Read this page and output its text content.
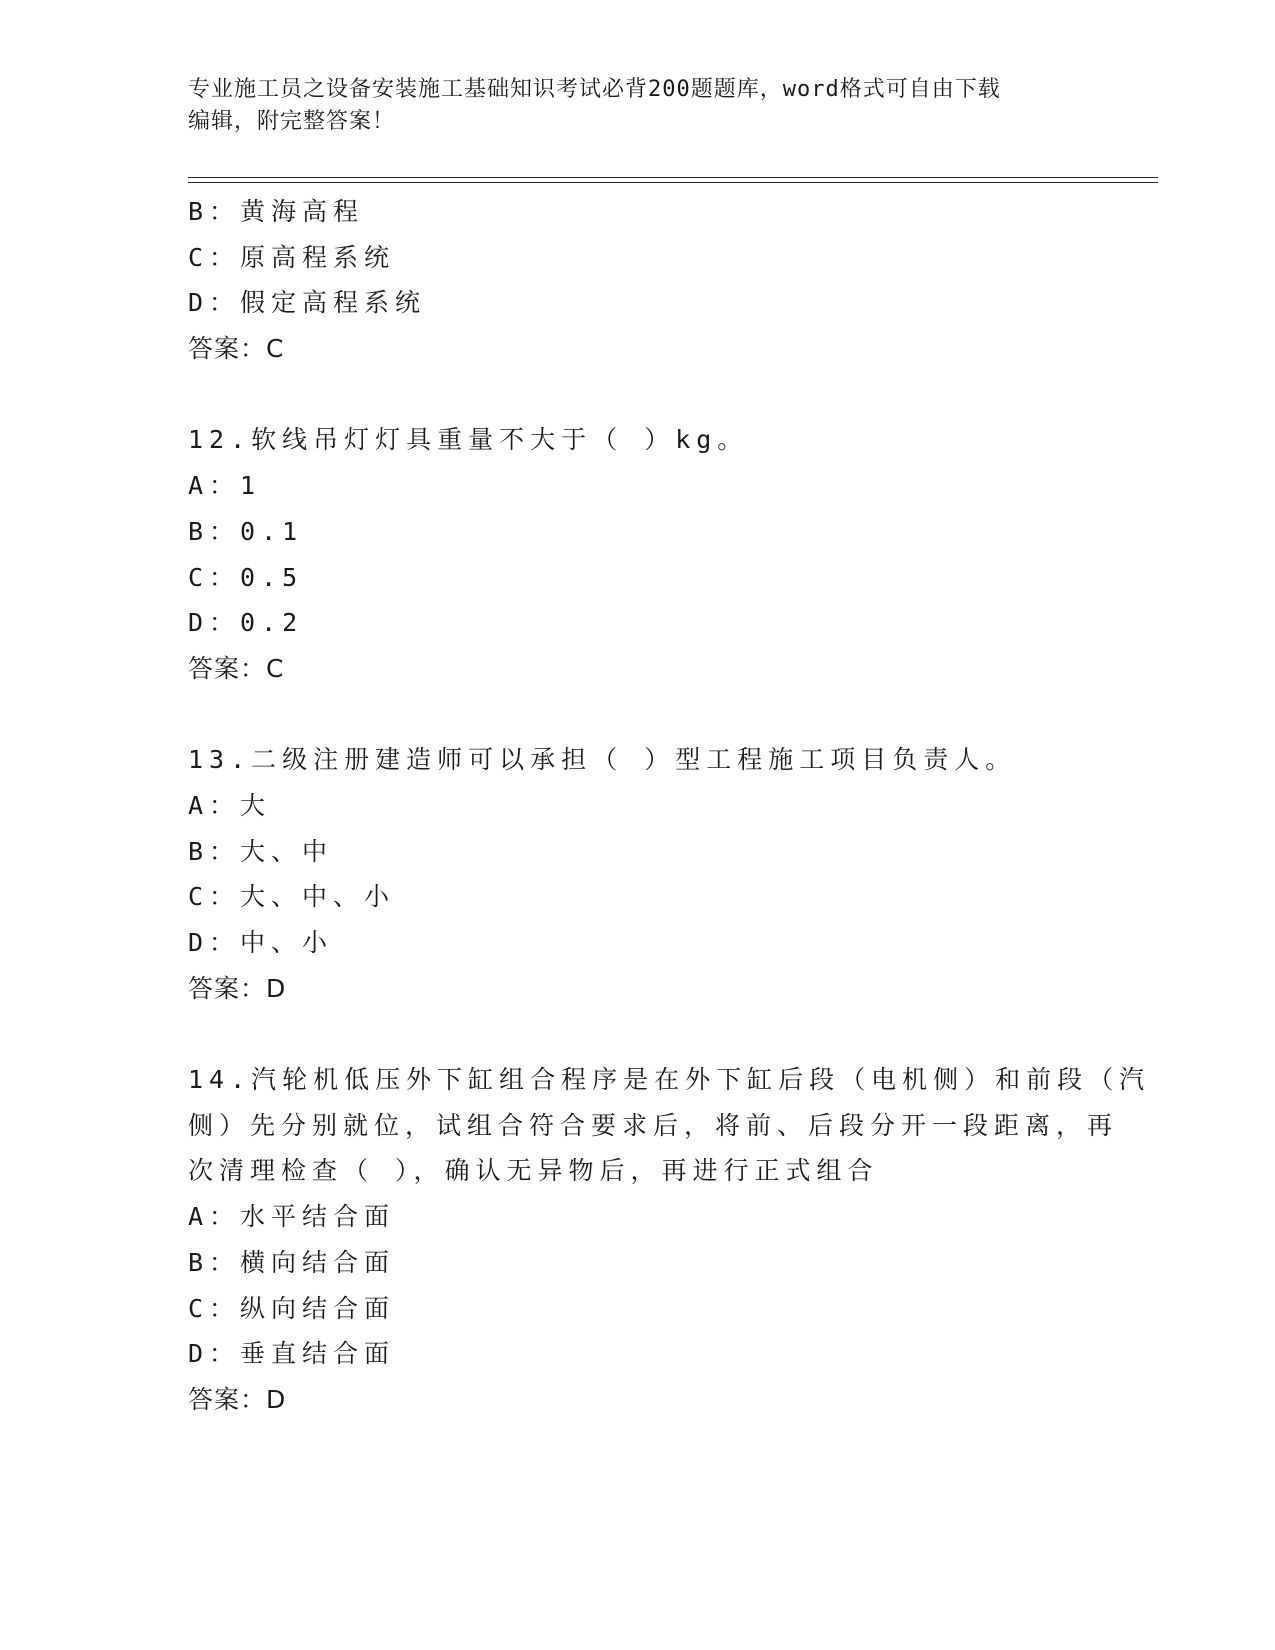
专业施工员之设备安装施工基础知识考试必背200题题库，word格式可自由下载
编辑，附完整答案！
B：黄海高程
C：原高程系统
D：假定高程系统
答案：C
12.软线吊灯灯具重量不大于（ ）kg。
A：1
B：0.1
C：0.5
D：0.2
答案：C
13.二级注册建造师可以承担（ ）型工程施工项目负责人。
A：大
B：大、中
C：大、中、小
D：中、小
答案：D
14.汽轮机低压外下缸组合程序是在外下缸后段（电机侧）和前段（汽
侧）先分别就位，试组合符合要求后，将前、后段分开一段距离，再
次清理检查（ ），确认无异物后，再进行正式组合
A：水平结合面
B：横向结合面
C：纵向结合面
D：垂直结合面
答案：D
